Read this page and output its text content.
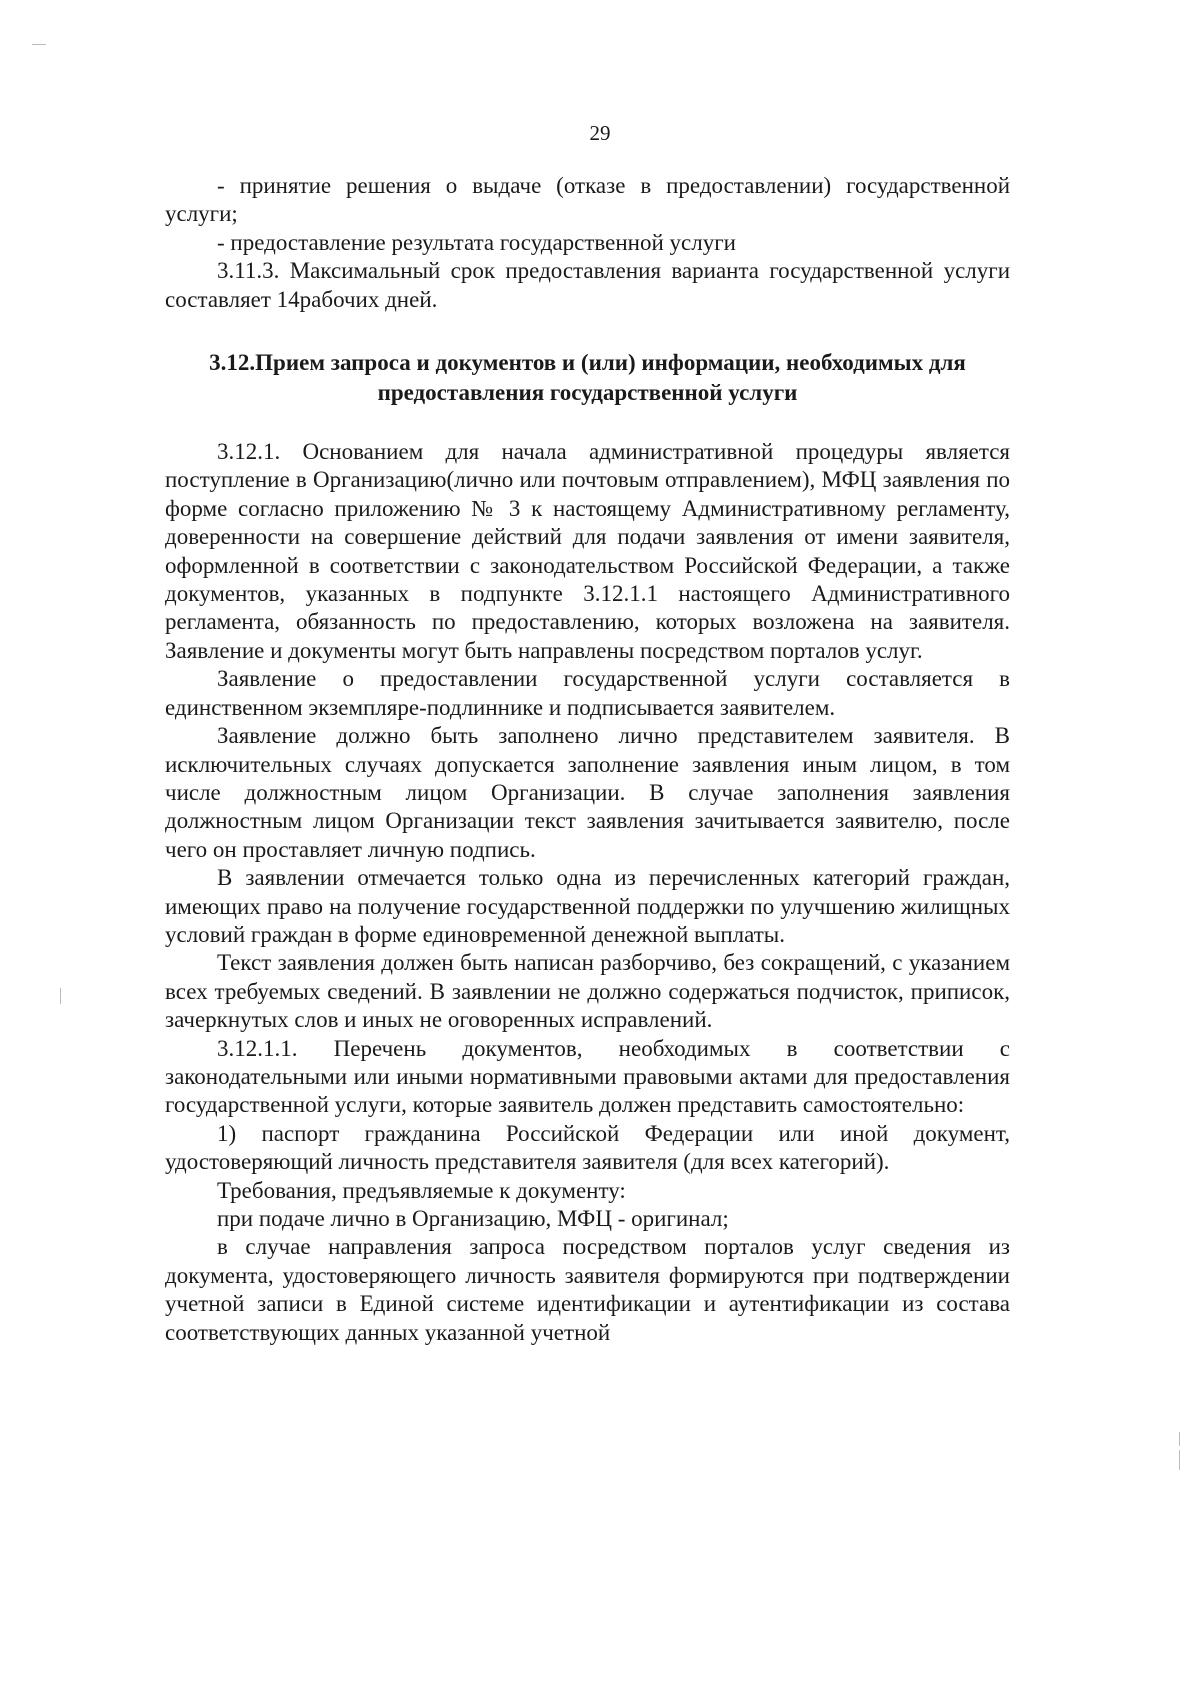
29

- принятие решения о выдаче (отказе в предоставлении) государственной услуги;

- предоставление результата государственной услуги

3.11.3. Максимальный срок предоставления варианта государственной услуги составляет 14рабочих дней.

3.12.Прием запроса и документов и (или) информации, необходимых для предоставления государственной услуги

3.12.1. Основанием для начала административной процедуры является поступление в Организацию(лично или почтовым отправлением), МФЦ заявления по форме согласно приложению № 3 к настоящему Административному регламенту, доверенности на совершение действий для подачи заявления от имени заявителя, оформленной в соответствии с законодательством Российской Федерации, а также документов, указанных в подпункте 3.12.1.1 настоящего Административного регламента, обязанность по предоставлению, которых возложена на заявителя. Заявление и документы могут быть направлены посредством порталов услуг.

Заявление о предоставлении государственной услуги составляется в единственном экземпляре-подлиннике и подписывается заявителем.

Заявление должно быть заполнено лично представителем заявителя. В исключительных случаях допускается заполнение заявления иным лицом, в том числе должностным лицом Организации. В случае заполнения заявления должностным лицом Организации текст заявления зачитывается заявителю, после чего он проставляет личную подпись.

В заявлении отмечается только одна из перечисленных категорий граждан, имеющих право на получение государственной поддержки по улучшению жилищных условий граждан в форме единовременной денежной выплаты.

Текст заявления должен быть написан разборчиво, без сокращений, с указанием всех требуемых сведений. В заявлении не должно содержаться подчисток, приписок, зачеркнутых слов и иных не оговоренных исправлений.

3.12.1.1. Перечень документов, необходимых в соответствии с законодательными или иными нормативными правовыми актами для предоставления государственной услуги, которые заявитель должен представить самостоятельно:

1) паспорт гражданина Российской Федерации или иной документ, удостоверяющий личность представителя заявителя (для всех категорий).

Требования, предъявляемые к документу:

при подаче лично в Организацию, МФЦ - оригинал;

в случае направления запроса посредством порталов услуг сведения из документа, удостоверяющего личность заявителя формируются при подтверждении учетной записи в Единой системе идентификации и аутентификации из состава соответствующих данных указанной учетной
